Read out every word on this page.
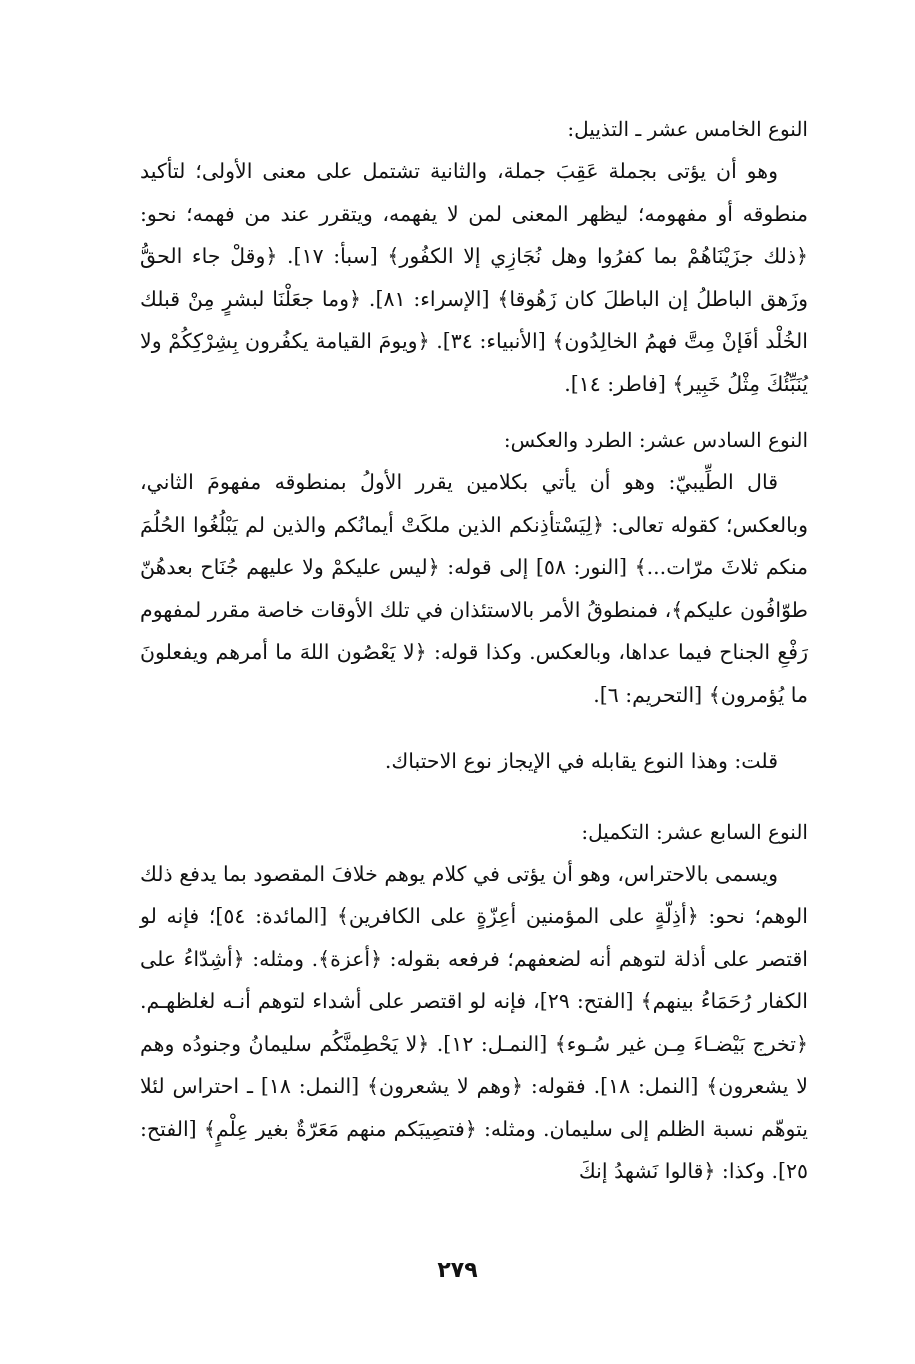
النوع الخامس عشر ـ التذييل:

وهو أن يؤتى بجملة عَقِبَ جملة، والثانية تشتمل على معنى الأولى؛ لتأكيد منطوقه أو مفهومه؛ ليظهر المعنى لمن لا يفهمه، ويتقرر عند من فهمه؛ نحو: ﴿ذلك جزَيْنَاهُمْ بما كفرُوا وهل نُجَازِي إلا الكفُور﴾ [سبأ: ١٧]. ﴿وقلْ جاء الحقُّ وزَهق الباطلُ إن الباطلَ كان زَهُوقا﴾ [الإسراء: ٨١]. ﴿وما جعَلْنَا لبشرٍ مِنْ قبلك الخُلْد أفَإنْ مِتَّ فهمُ الخالِدُون﴾ [الأنبياء: ٣٤]. ﴿ويومَ القيامة يكفُرون بِشِرْكِكُمْ ولا يُنَبِّئُكَ مِثْلُ خَبِير﴾ [فاطر: ١٤].

النوع السادس عشر: الطرد والعكس:

قال الطِّيبيّ: وهو أن يأتي بكلامين يقرر الأولُ بمنطوقه مفهومَ الثاني، وبالعكس؛ كقوله تعالى: ﴿لِيَسْتأذِنكم الذين ملكَتْ أيمانُكم والذين لم يَبْلُغُوا الحُلُمَ منكم ثلاثَ مرّات...﴾ [النور: ٥٨] إلى قوله: ﴿ليس عليكمْ ولا عليهم جُنَاح بعدهُنّ طوّافُون عليكم﴾، فمنطوقُ الأمر بالاستئذان في تلك الأوقات خاصة مقرر لمفهوم رَفْعِ الجناح فيما عداها، وبالعكس. وكذا قوله: ﴿لا يَعْصُون اللهَ ما أمرهم ويفعلونَ ما يُؤمرون﴾ [التحريم: ٦].

قلت: وهذا النوع يقابله في الإيجاز نوع الاحتباك.

النوع السابع عشر: التكميل:

ويسمى بالاحتراس، وهو أن يؤتى في كلام يوهم خلافَ المقصود بما يدفع ذلك الوهم؛ نحو: ﴿أذِلّةٍ على المؤمنين أعِزّةٍ على الكافرين﴾ [المائدة: ٥٤]؛ فإنه لو اقتصر على أذلة لتوهم أنه لضعفهم؛ فرفعه بقوله: ﴿أعزة﴾. ومثله: ﴿أشِدّاءُ على الكفار رُحَمَاءُ بينهم﴾ [الفتح: ٢٩]، فإنه لو اقتصر على أشداء لتوهم أنـه لغلظهـم. ﴿تخرج بَيْضـاءَ مِـن غير سُـوء﴾ [النمـل: ١٢]. ﴿لا يَحْطِمنَّكُم سليمانُ وجنودُه وهم لا يشعرون﴾ [النمل: ١٨]. فقوله: ﴿وهم لا يشعرون﴾ [النمل: ١٨] ـ احتراس لئلا يتوهّم نسبة الظلم إلى سليمان. ومثله: ﴿فتصِيبَكم منهم مَعَرّةٌ بغير عِلْمٍ﴾ [الفتح: ٢٥]. وكذا: ﴿قالوا نَشهدُ إنكَ

٢٧٩
